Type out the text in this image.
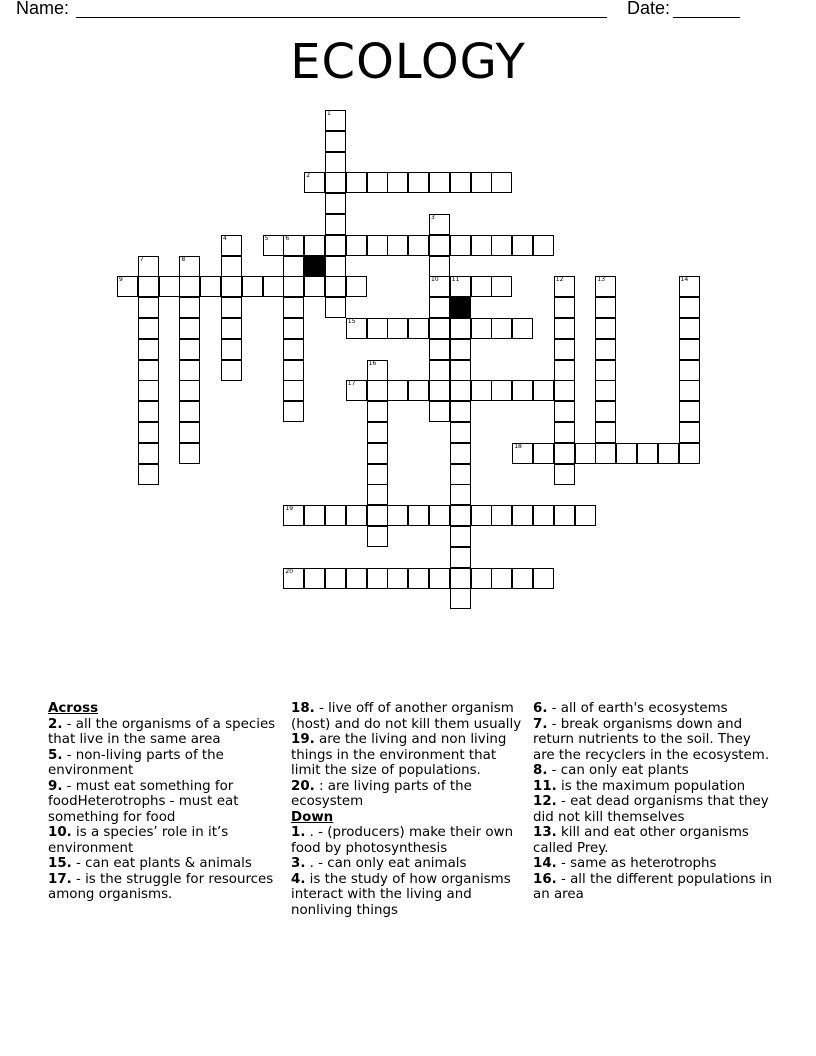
Name:	Date:
ECOLOGY
1
2
3
10
4	5	6
7	8
9	11	12	13	14
15
16
17
18
19
20
Across
2. - all the organisms of a species that live in the same area
5. - non-living parts of the environment
9. - must eat something for foodHeterotrophs - must eat something for food
10. is a species’ role in it’s environment
15. - can eat plants & animals
17. - is the struggle for resources among organisms.
18. - live off of another organism (host) and do not kill them usually
19. are the living and non living things in the environment that limit the size of populations.
20. : are living parts of the ecosystem
Down
1. . - (producers) make their own food by photosynthesis
3. . - can only eat animals
4. is the study of how organisms interact with the living and nonliving things
6. - all of earth's ecosystems
7. - break organisms down and return nutrients to the soil. They are the recyclers in the ecosystem.
8. - can only eat plants
11. is the maximum population
12. - eat dead organisms that they did not kill themselves
13. kill and eat other organisms called Prey.
14. - same as heterotrophs
16. - all the different populations in an area
